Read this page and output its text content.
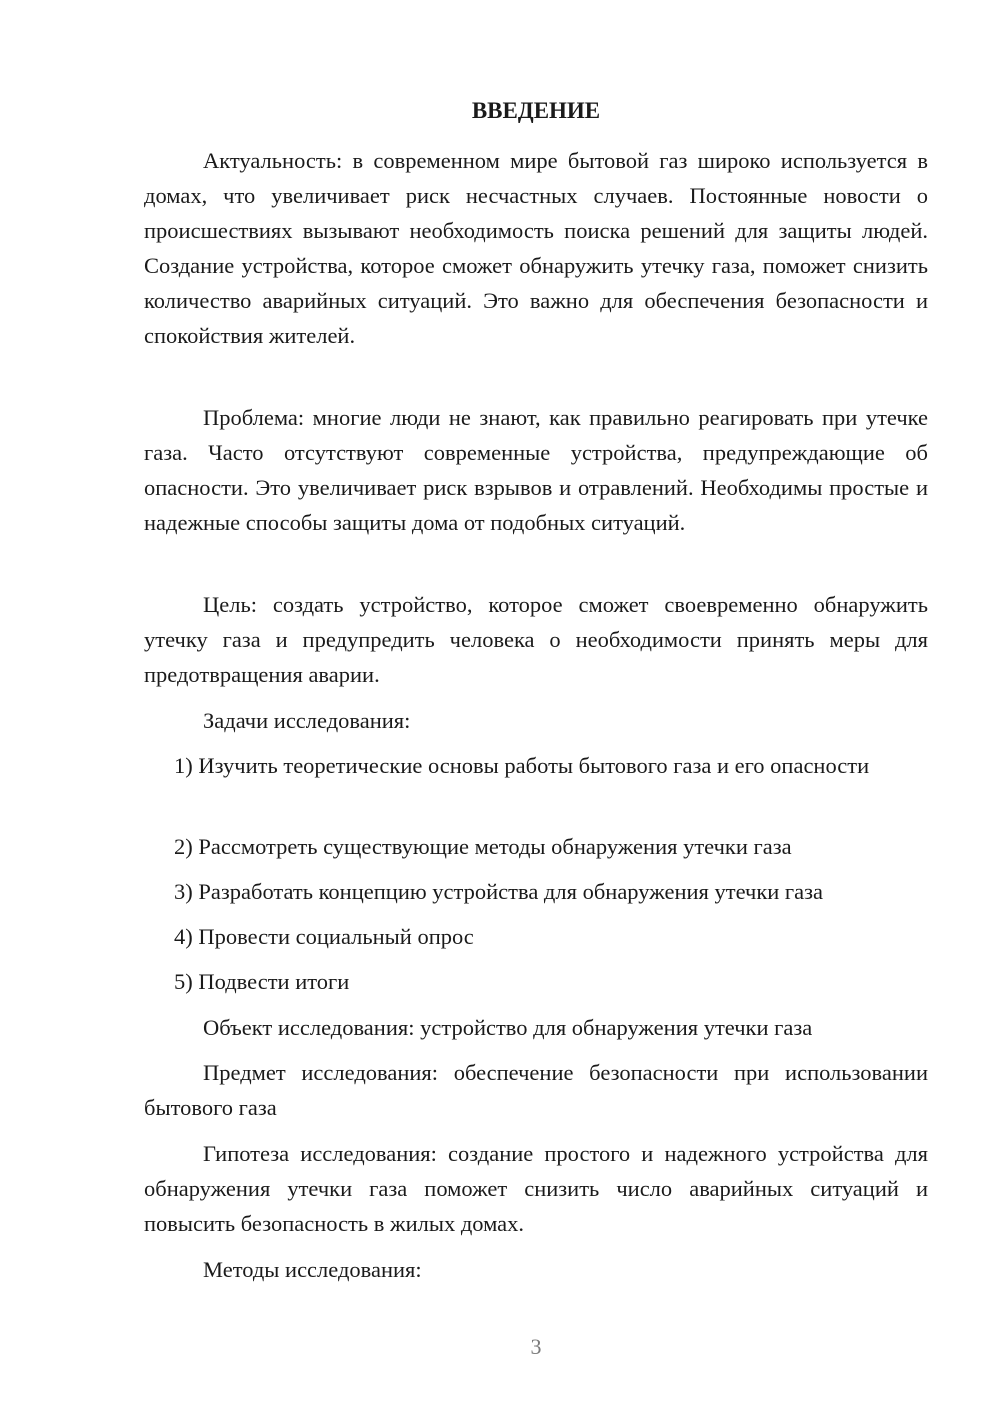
ВВЕДЕНИЕ

Актуальность: в современном мире бытовой газ широко используется в домах, что увеличивает риск несчастных случаев. Постоянные новости о происшествиях вызывают необходимость поиска решений для защиты людей. Создание устройства, которое сможет обнаружить утечку газа, поможет снизить количество аварийных ситуаций. Это важно для обеспечения безопасности и спокойствия жителей.

Проблема: многие люди не знают, как правильно реагировать при утечке газа. Часто отсутствуют современные устройства, предупреждающие об опасности. Это увеличивает риск взрывов и отравлений. Необходимы простые и надежные способы защиты дома от подобных ситуаций.

Цель: создать устройство, которое сможет своевременно обнаружить утечку газа и предупредить человека о необходимости принять меры для предотвращения аварии.

Задачи исследования:

1) Изучить теоретические основы работы бытового газа и его опасности

2) Рассмотреть существующие методы обнаружения утечки газа

3) Разработать концепцию устройства для обнаружения утечки газа

4) Провести социальный опрос

5) Подвести итоги

Объект исследования: устройство для обнаружения утечки газа

Предмет исследования: обеспечение безопасности при использовании бытового газа

Гипотеза исследования: создание простого и надежного устройства для обнаружения утечки газа поможет снизить число аварийных ситуаций и повысить безопасность в жилых домах.

Методы исследования:

3
